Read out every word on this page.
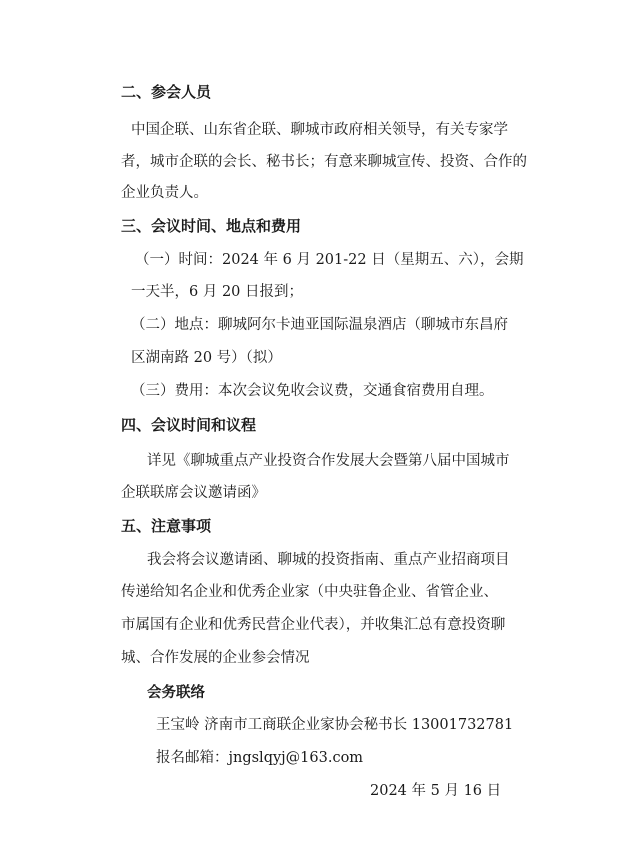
二、参会人员
中国企联、山东省企联、聊城市政府相关领导，有关专家学
者，城市企联的会长、秘书长；有意来聊城宣传、投资、合作的
企业负责人。
三、会议时间、地点和费用
（一）时间：2024 年 6 月 201-22 日（星期五、六），会期
一天半，6 月 20 日报到；
（二）地点：聊城阿尔卡迪亚国际温泉酒店（聊城市东昌府
区湖南路 20 号）（拟）
（三）费用：本次会议免收会议费，交通食宿费用自理。
四、会议时间和议程
详见《聊城重点产业投资合作发展大会暨第八届中国城市
企联联席会议邀请函》
五、注意事项
我会将会议邀请函、聊城的投资指南、重点产业招商项目
传递给知名企业和优秀企业家（中央驻鲁企业、省管企业、
市属国有企业和优秀民营企业代表），并收集汇总有意投资聊
城、合作发展的企业参会情况
会务联络
王宝岭 济南市工商联企业家协会秘书长 13001732781
报名邮箱：jngslqyj@163.com
2024 年 5 月 16 日
